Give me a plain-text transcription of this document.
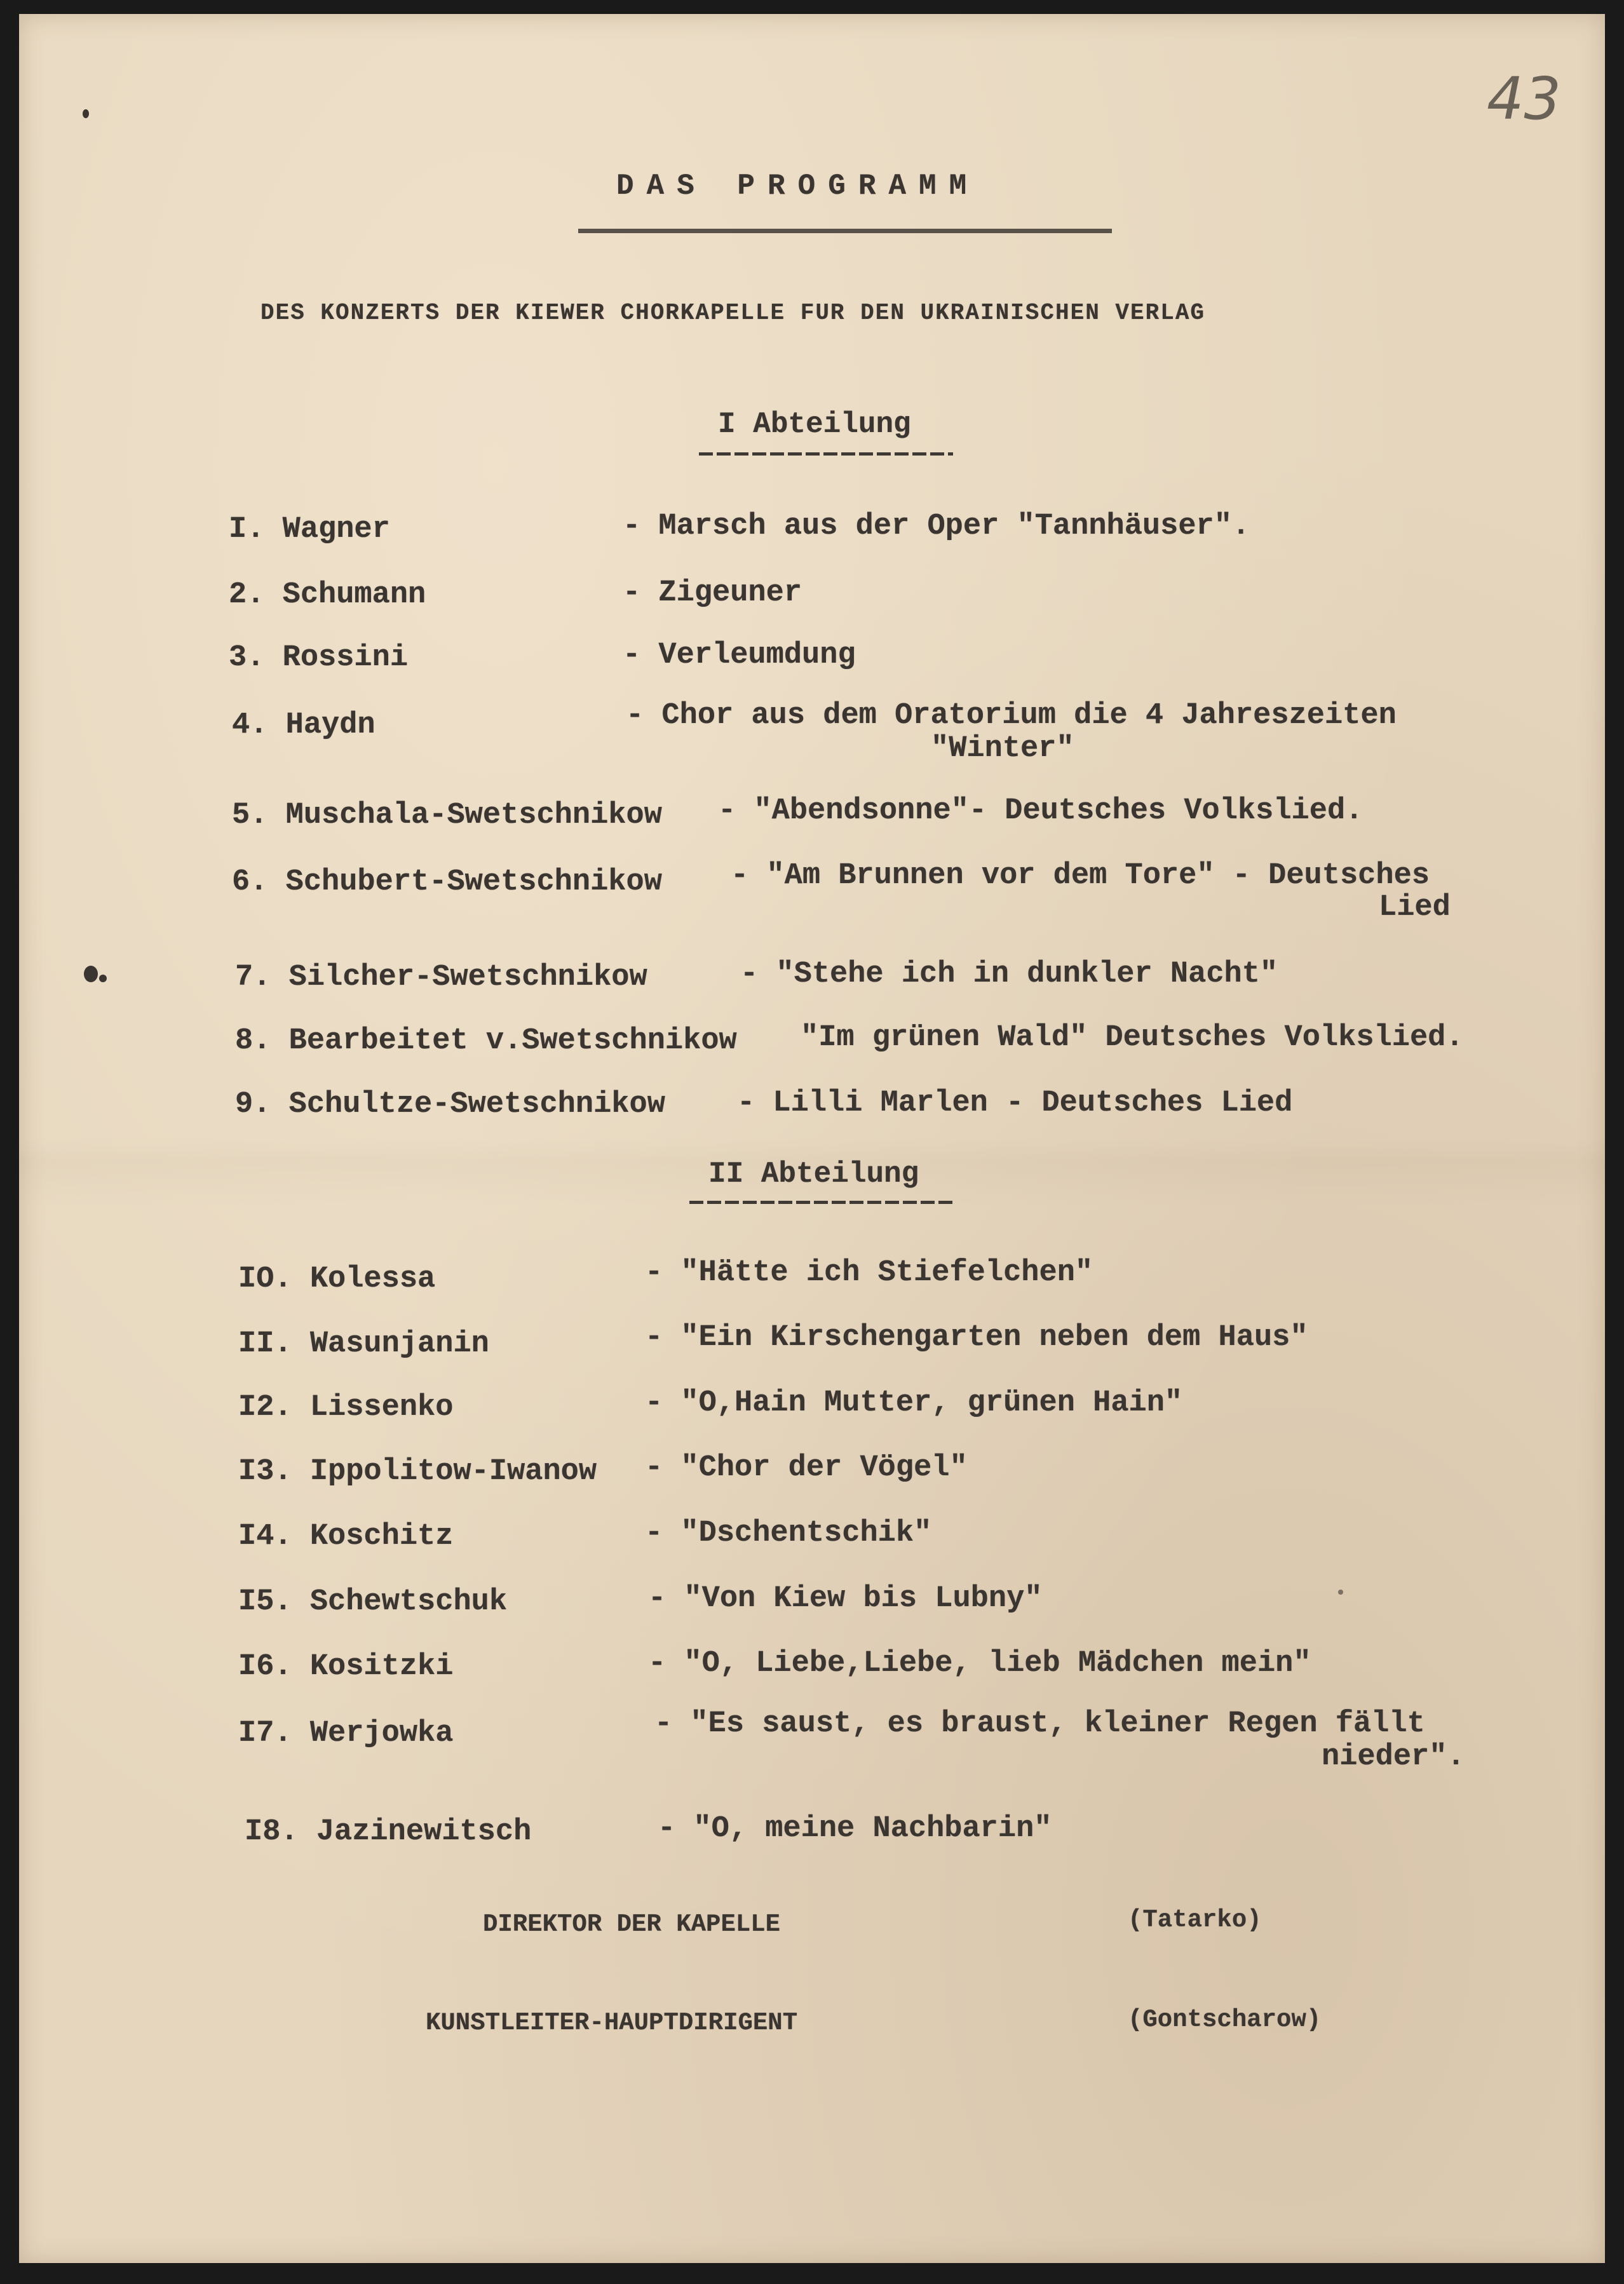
43
DAS PROGRAMM
DES KONZERTS DER KIEWER CHORKAPELLE FUR DEN UKRAINISCHEN VERLAG
I Abteilung
I. Wagner	- Marsch aus der Oper "Tannhäuser".
2. Schumann	- Zigeuner
3. Rossini	- Verleumdung
4. Haydn	- Chor aus dem Oratorium die 4 Jahreszeiten
"Winter"
5. Muschala-Swetschnikow - "Abendsonne"- Deutsches Volkslied.
6. Schubert-Swetschnikow - "Am Brunnen vor dem Tore" - Deutsches
Lied
7. Silcher-Swetschnikow	- "Stehe ich in dunkler Nacht"
8. Bearbeitet v.Swetschnikow "Im grünen Wald" Deutsches Volkslied.
9. Schultze-Swetschnikow - Lilli Marlen - Deutsches Lied
II Abteilung
IO. Kolessa	- "Hätte ich Stiefelchen"
II. Wasunjanin	- "Ein Kirschengarten neben dem Haus"
I2. Lissenko	- "O,Hain Mutter, grünen Hain"
I3. Ippolitow-Iwanow - "Chor der Vögel"
I4. Koschitz	- "Dschentschik"
I5. Schewtschuk	- "Von Kiew bis Lubny"
I6. Kositzki	- "O, Liebe,Liebe, lieb Mädchen mein"
I7. Werjowka	- "Es saust, es braust, kleiner Regen fällt
nieder".
I8. Jazinewitsch	- "O, meine Nachbarin"
DIREKTOR DER KAPELLE	(Tatarko)
KUNSTLEITER-HAUPTDIRIGENT	(Gontscharow)
